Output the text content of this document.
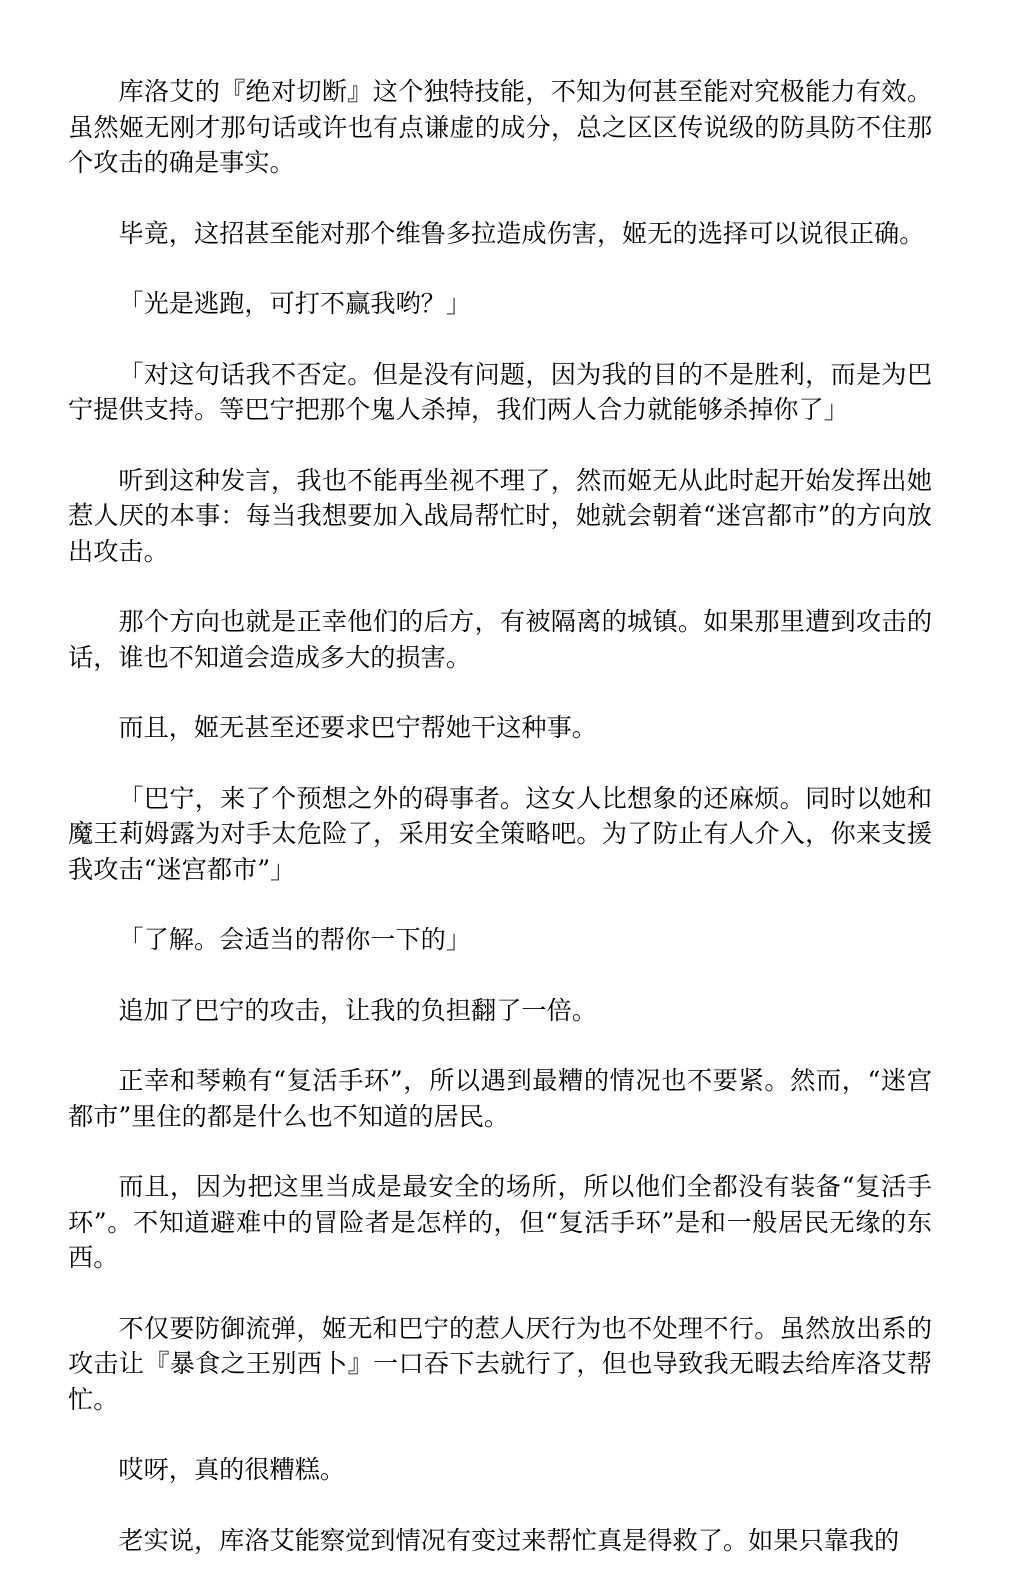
库洛艾的『绝对切断』这个独特技能，不知为何甚至能对究极能力有效。虽然姬无刚才那句话或许也有点谦虚的成分，总之区区传说级的防具防不住那个攻击的确是事实。

毕竟，这招甚至能对那个维鲁多拉造成伤害，姬无的选择可以说很正确。

「光是逃跑，可打不赢我哟？」

「对这句话我不否定。但是没有问题，因为我的目的不是胜利，而是为巴宁提供支持。等巴宁把那个鬼人杀掉，我们两人合力就能够杀掉你了」

听到这种发言，我也不能再坐视不理了，然而姬无从此时起开始发挥出她惹人厌的本事：每当我想要加入战局帮忙时，她就会朝着“迷宫都市”的方向放出攻击。

那个方向也就是正幸他们的后方，有被隔离的城镇。如果那里遭到攻击的话，谁也不知道会造成多大的损害。

而且，姬无甚至还要求巴宁帮她干这种事。

「巴宁，来了个预想之外的碍事者。这女人比想象的还麻烦。同时以她和魔王莉姆露为对手太危险了，采用安全策略吧。为了防止有人介入，你来支援我攻击“迷宫都市”」

「了解。会适当的帮你一下的」

追加了巴宁的攻击，让我的负担翻了一倍。

正幸和琴赖有“复活手环”，所以遇到最糟的情况也不要紧。然而，“迷宫都市”里住的都是什么也不知道的居民。

而且，因为把这里当成是最安全的场所，所以他们全都没有装备“复活手环”。不知道避难中的冒险者是怎样的，但“复活手环”是和一般居民无缘的东西。

不仅要防御流弹，姬无和巴宁的惹人厌行为也不处理不行。虽然放出系的攻击让『暴食之王别西卜』一口吞下去就行了，但也导致我无暇去给库洛艾帮忙。

哎呀，真的很糟糕。

老实说，库洛艾能察觉到情况有变过来帮忙真是得救了。如果只靠我的
